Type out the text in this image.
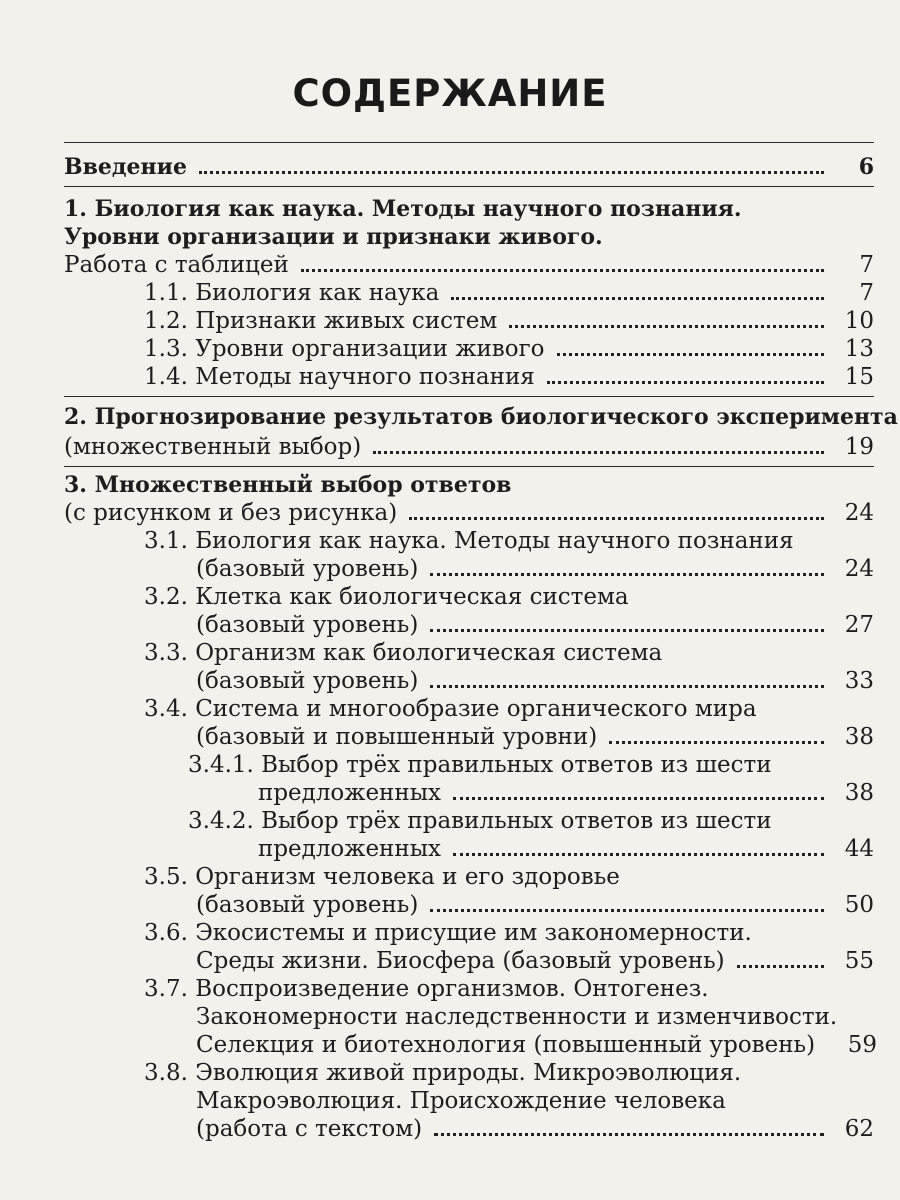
СОДЕРЖАНИЕ
Введение	6
1. Биология как наука. Методы научного познания.
Уровни организации и признаки живого.
Работа с таблицей	7
1.1. Биология как наука	7
1.2. Признаки живых систем	10
1.3. Уровни организации живого	13
1.4. Методы научного познания	15
2. Прогнозирование результатов биологического эксперимента
(множественный выбор)	19
3. Множественный выбор ответов
(с рисунком и без рисунка)	24
3.1. Биология как наука. Методы научного познания
(базовый уровень)	24
3.2. Клетка как биологическая система
(базовый уровень)	27
3.3. Организм как биологическая система
(базовый уровень)	33
3.4. Система и многообразие органического мира
(базовый и повышенный уровни)	38
3.4.1. Выбор трёх правильных ответов из шести
предложенных	38
3.4.2. Выбор трёх правильных ответов из шести
предложенных	44
3.5. Организм человека и его здоровье
(базовый уровень)	50
3.6. Экосистемы и присущие им закономерности.
Среды жизни. Биосфера (базовый уровень)	55
3.7. Воспроизведение организмов. Онтогенез.
Закономерности наследственности и изменчивости.
Селекция и биотехнология (повышенный уровень)	59
3.8. Эволюция живой природы. Микроэволюция.
Макроэволюция. Происхождение человека
(работа с текстом)	62
